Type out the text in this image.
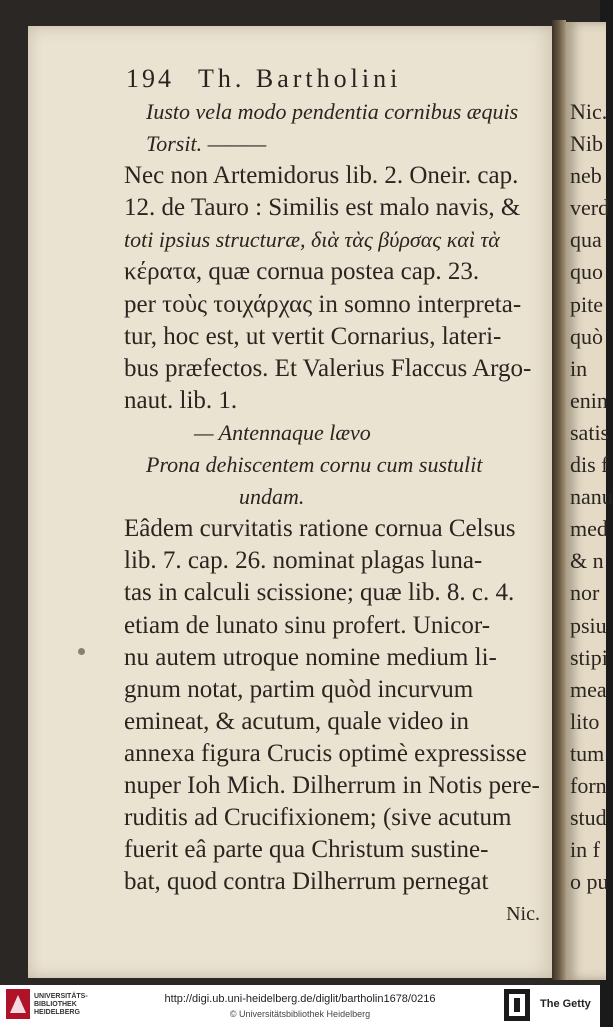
194 Th. Bartholini
Iusto vela modo pendentia cornibus æquis
Torsit. ———
Nec non Artemidorus lib. 2. Oneir. cap.
12. de Tauro : Similis est malo navis, &
toti ipsius structuræ, διὰ τὰς βύρσας καὶ τὰ
κέρατα, quæ cornua postea cap. 23.
per τοὺς τοιχάρχας in somno interpreta-
tur, hoc est, ut vertit Cornarius, lateri-
bus præfectos. Et Valerius Flaccus Argo-
naut. lib. 1.
— Antennaque lævo
Prona dehiscentem cornu cum sustulit
undam.
Eâdem curvitatis ratione cornua Celsus
lib. 7. cap. 26. nominat plagas luna-
tas in calculi scissione; quæ lib. 8. c. 4.
etiam de lunato sinu profert. Unicor-
nu autem utroque nomine medium li-
gnum notat, partim quòd incurvum
emineat, & acutum, quale video in
annexa figura Crucis optimè expressisse
nuper Ioh Mich. Dilherrum in Notis pere-
ruditis ad Crucifixionem; (sive acutum
fuerit eâ parte qua Christum sustine-
bat, quod contra Dilherrum pernegat
Nic.
Nic.
Nib
neb
verd
qua
quo
pite
quò
in
enin
satis
dis f
nanu
med
& n
nor
psiu
stipi
mea
lito
tum
forn
stud
in f
o pu
UNIVERSITÄTS-
BIBLIOTHEK
HEIDELBERG
http://digi.ub.uni-heidelberg.de/diglit/bartholin1678/0216
© Universitätsbibliothek Heidelberg
The Getty
